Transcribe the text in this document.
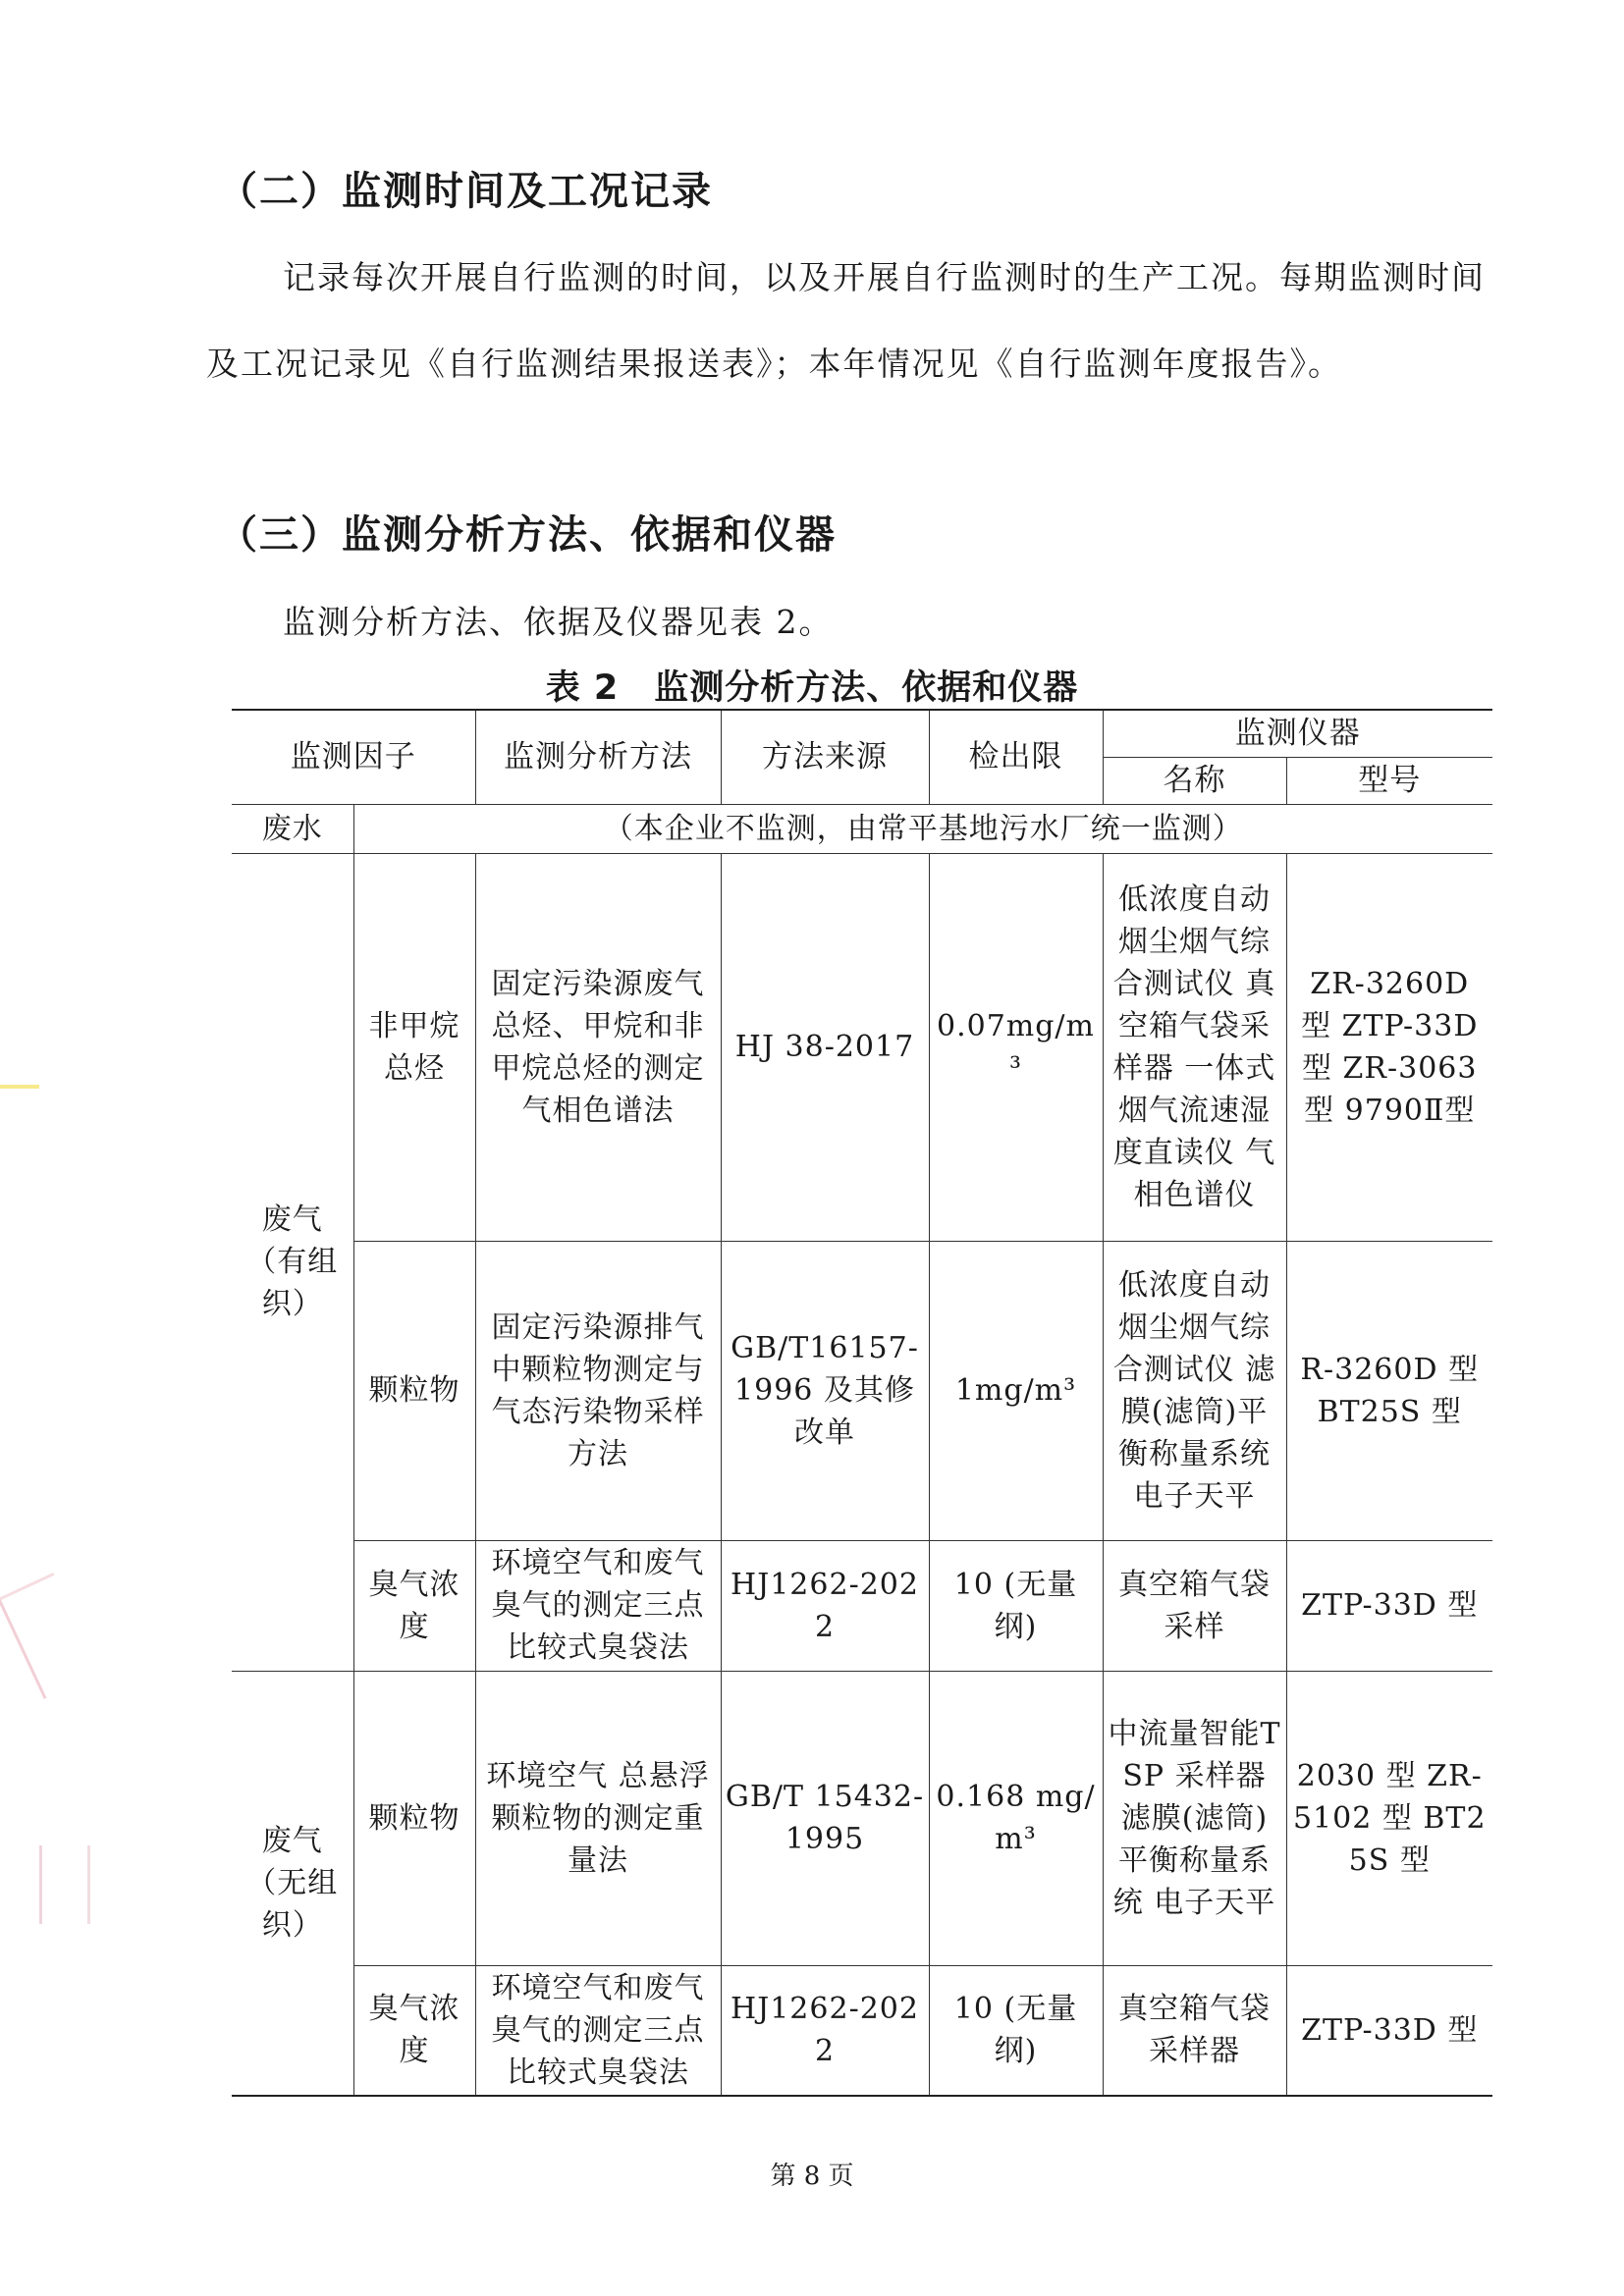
（二）监测时间及工况记录

记录每次开展自行监测的时间，以及开展自行监测时的生产工况。每期监测时间及工况记录见《自行监测结果报送表》；本年情况见《自行监测年度报告》。

（三）监测分析方法、依据和仪器

监测分析方法、依据及仪器见表 2。

表 2　监测分析方法、依据和仪器

监测因子		监测分析方法	方法来源	检出限	监测仪器	
					名称	型号
废水	（本企业不监测，由常平基地污水厂统一监测）					
废气（有组织）	非甲烷总烃	固定污染源废气总烃、甲烷和非甲烷总烃的测定气相色谱法	HJ 38-2017	0.07mg/m³	低浓度自动烟尘烟气综合测试仪 真空箱气袋采样器 一体式烟气流速湿度直读仪 气相色谱仪	ZR-3260D 型 ZTP-33D 型 ZR-3063 型 9790Ⅱ型
	颗粒物	固定污染源排气中颗粒物测定与气态污染物采样方法	GB/T16157-1996 及其修改单	1mg/m³	低浓度自动烟尘烟气综合测试仪 滤膜(滤筒)平衡称量系统 电子天平	R-3260D 型 BT25S 型
	臭气浓度	环境空气和废气臭气的测定三点比较式臭袋法	HJ1262-2022	10 (无量纲)	真空箱气袋采样	ZTP-33D 型
废气（无组织）	颗粒物	环境空气 总悬浮颗粒物的测定重量法	GB/T 15432-1995	0.168 mg/m³	中流量智能TSP 采样器 滤膜(滤筒)平衡称量系统 电子天平	2030 型 ZR-5102 型 BT25S 型
	臭气浓度	环境空气和废气臭气的测定三点比较式臭袋法	HJ1262-2022	10 (无量纲)	真空箱气袋采样器	ZTP-33D 型

第 8 页
